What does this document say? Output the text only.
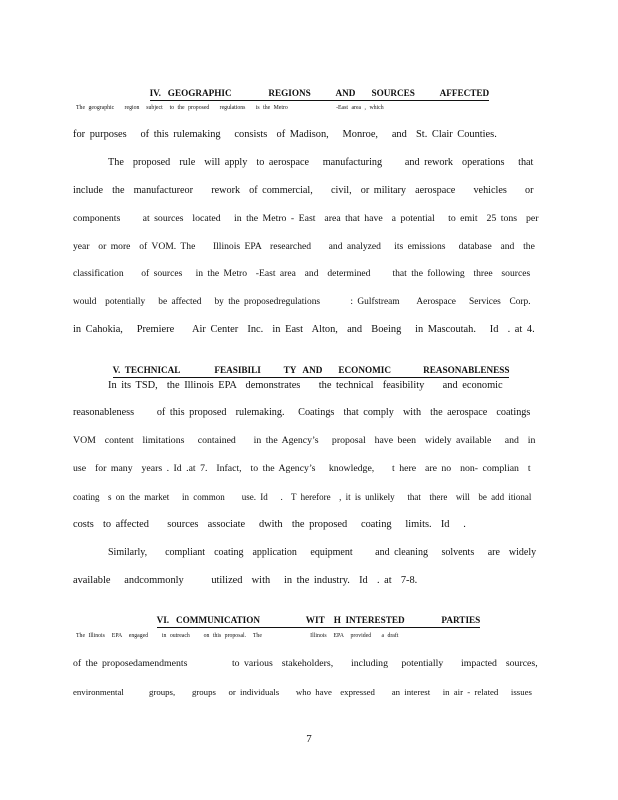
IV.   GEOGRAPHIC                REGIONS           AND       SOURCES           AFFECTED

The geographic   region  subject  to the proposed   regulations   is the Metro              -East area , which
for purposes   of this rulemaking   consists  of Madison,   Monroe,   and  St. Clair Counties.
The  proposed  rule  will apply  to aerospace   manufacturing     and rework  operations   that
include  the  manufactureor    rework  of commercial,    civil,  or military  aerospace    vehicles    or
components     at sources  located   in the Metro - East  area that have  a potential   to emit  25 tons  per
year  or more  of VOM. The    Illinois EPA  researched    and analyzed   its emissions   database  and  the
classification    of sources   in the Metro  -East area  and  determined     that the following  three  sources
would  potentially   be affected   by the proposedregulations       : Gulfstream    Aerospace   Services  Corp.
in Cahokia,   Premiere    Air Center  Inc.  in East  Alton,  and  Boeing   in Mascoutah.   Id  . at 4.

V.  TECHNICAL               FEASIBILI          TY   AND       ECONOMIC              REASONABLENESS

In its TSD,  the Illinois EPA  demonstrates    the technical  feasibility    and economic
reasonableness     of this proposed  rulemaking.   Coatings  that comply  with  the aerospace  coatings
VOM  content  limitations   contained    in the Agency’s   proposal  have been  widely available   and  in
use  for many  years . Id .at 7.  Infact,  to the Agency’s   knowledge,    t here  are no  non- complian  t
coating  s on the market   in common    use. Id   .  T herefore  , it is unlikely   that  there  will  be add itional
costs  to affected    sources  associate   dwith  the proposed   coating   limits.  Id   .
Similarly,    compliant  coating  application   equipment     and cleaning   solvents   are  widely
available   andcommonly      utilized  with   in the industry.  Id  . at  7-8.

VI.   COMMUNICATION                    WIT    H  INTERESTED                PARTIES

The Illinois  EPA  engaged    in outreach    on this proposal.  The              Illinois  EPA  provided   a draft
of the proposedamendments          to various  stakeholders,    including   potentially    impacted  sources,
environmental      groups,    groups   or individuals    who have  expressed    an interest   in air - related   issues
7
